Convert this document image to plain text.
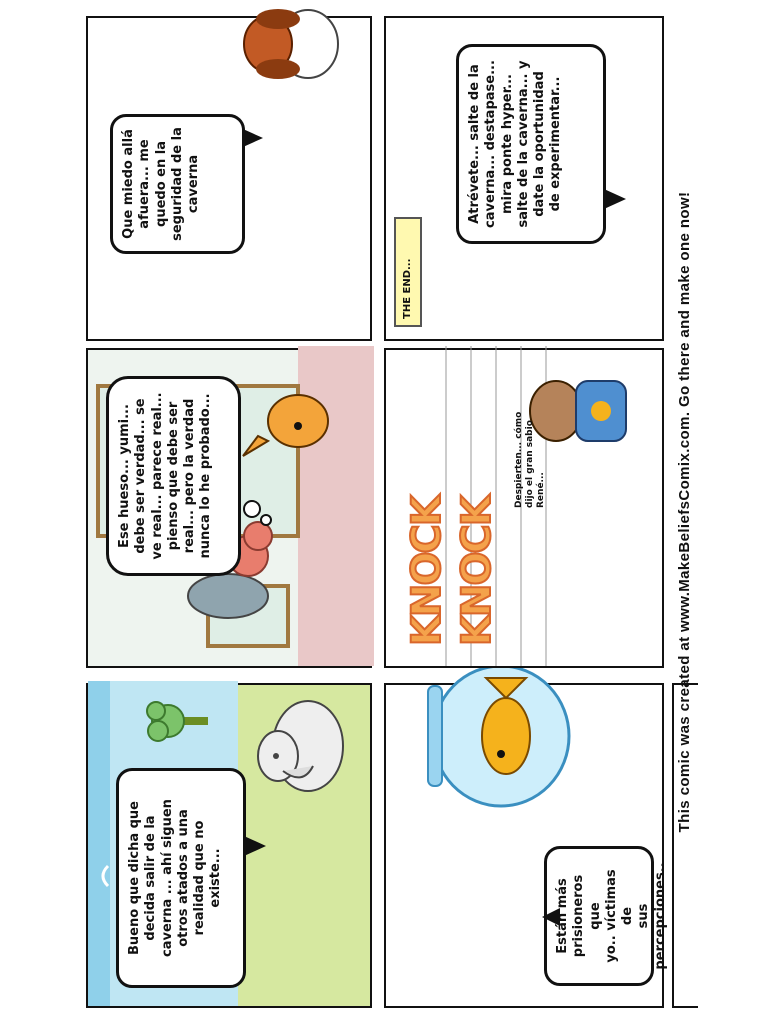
Bueno que dicha que
decida salir de la
caverna ... ahí siguen
otros atados a una
realidad que no
existe...
Ese hueso... yumi...
debe ser verdad... se
ve real... parece real...
pienso que debe ser
real... pero la verdad
nunca lo he probado...
Que miedo allá
afuera... me
quedo en la
seguridad de la
caverna
Están más
prisioneros que
yo.. víctimas de
sus
percepciones..
KNOCK KNOCK
Despierten... cómo
dijo el gran sabio
René...
THE END...
Atrévete... salte de la
caverna... destapase...
mira ponte hyper...
salte de la caverna... y
date la oportunidad
de experimentar...
This comic was created at www.MakeBeliefsComix.com. Go there and make one now!
